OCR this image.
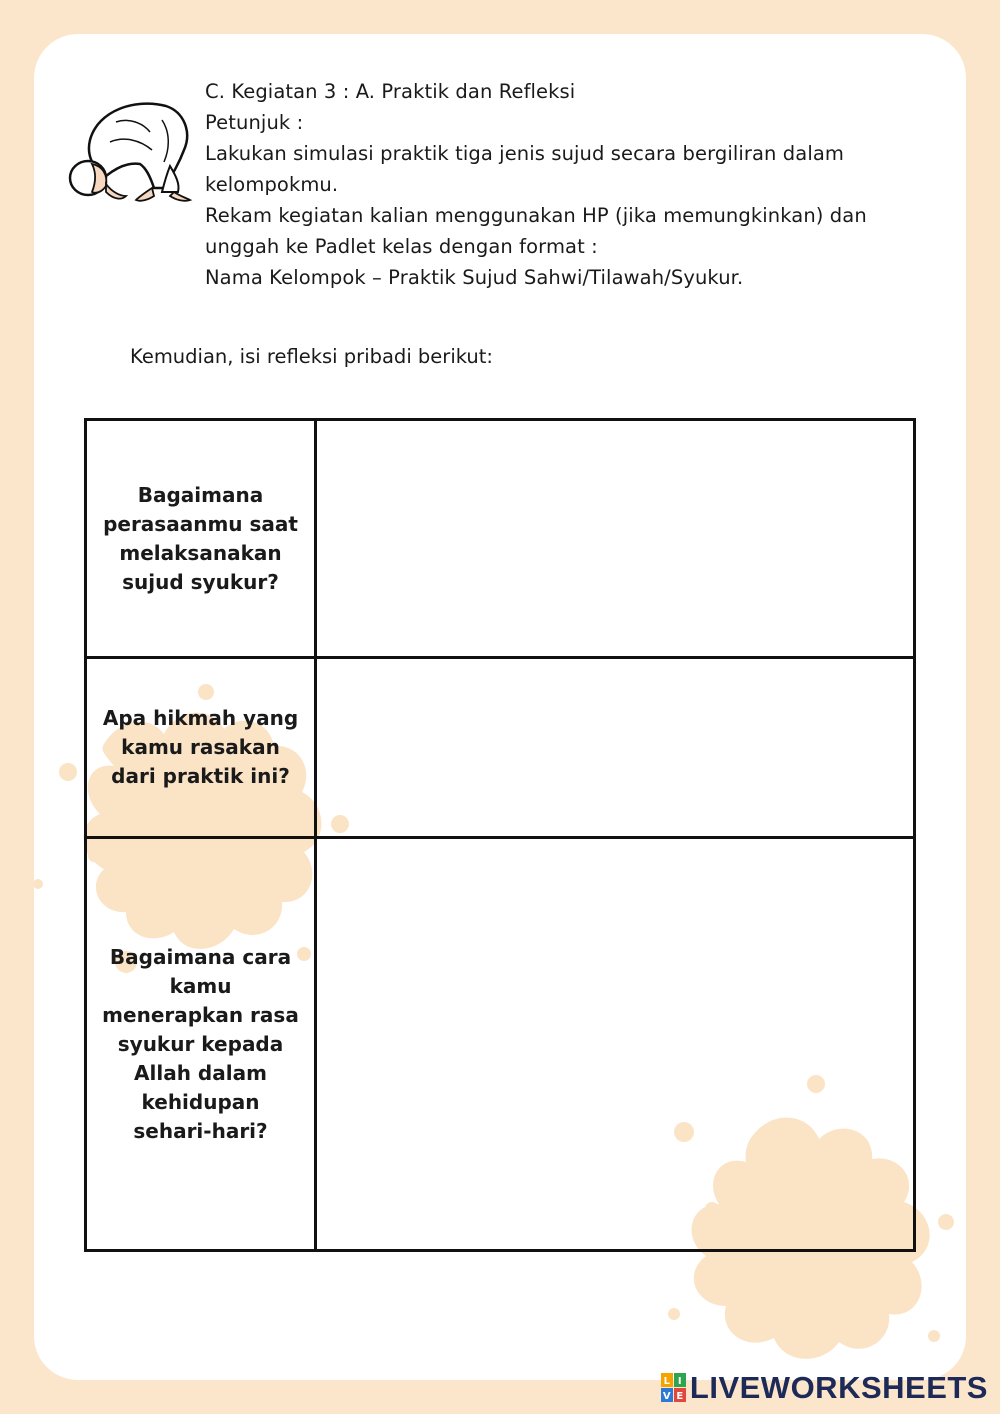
C. Kegiatan 3 : A. Praktik dan Refleksi

Petunjuk :

Lakukan simulasi praktik tiga jenis sujud secara bergiliran dalam kelompokmu.

Rekam kegiatan kalian menggunakan HP (jika memungkinkan) dan unggah ke Padlet kelas dengan format :

Nama Kelompok – Praktik Sujud Sahwi/Tilawah/Syukur.

Kemudian, isi refleksi pribadi berikut:
Bagaimana perasaanmu saat melaksanakan sujud syukur?	
Apa hikmah yang kamu rasakan dari praktik ini?	
Bagaimana cara kamu menerapkan rasa syukur kepada Allah dalam kehidupan sehari-hari?	
L I
V E LIVEWORKSHEETS
